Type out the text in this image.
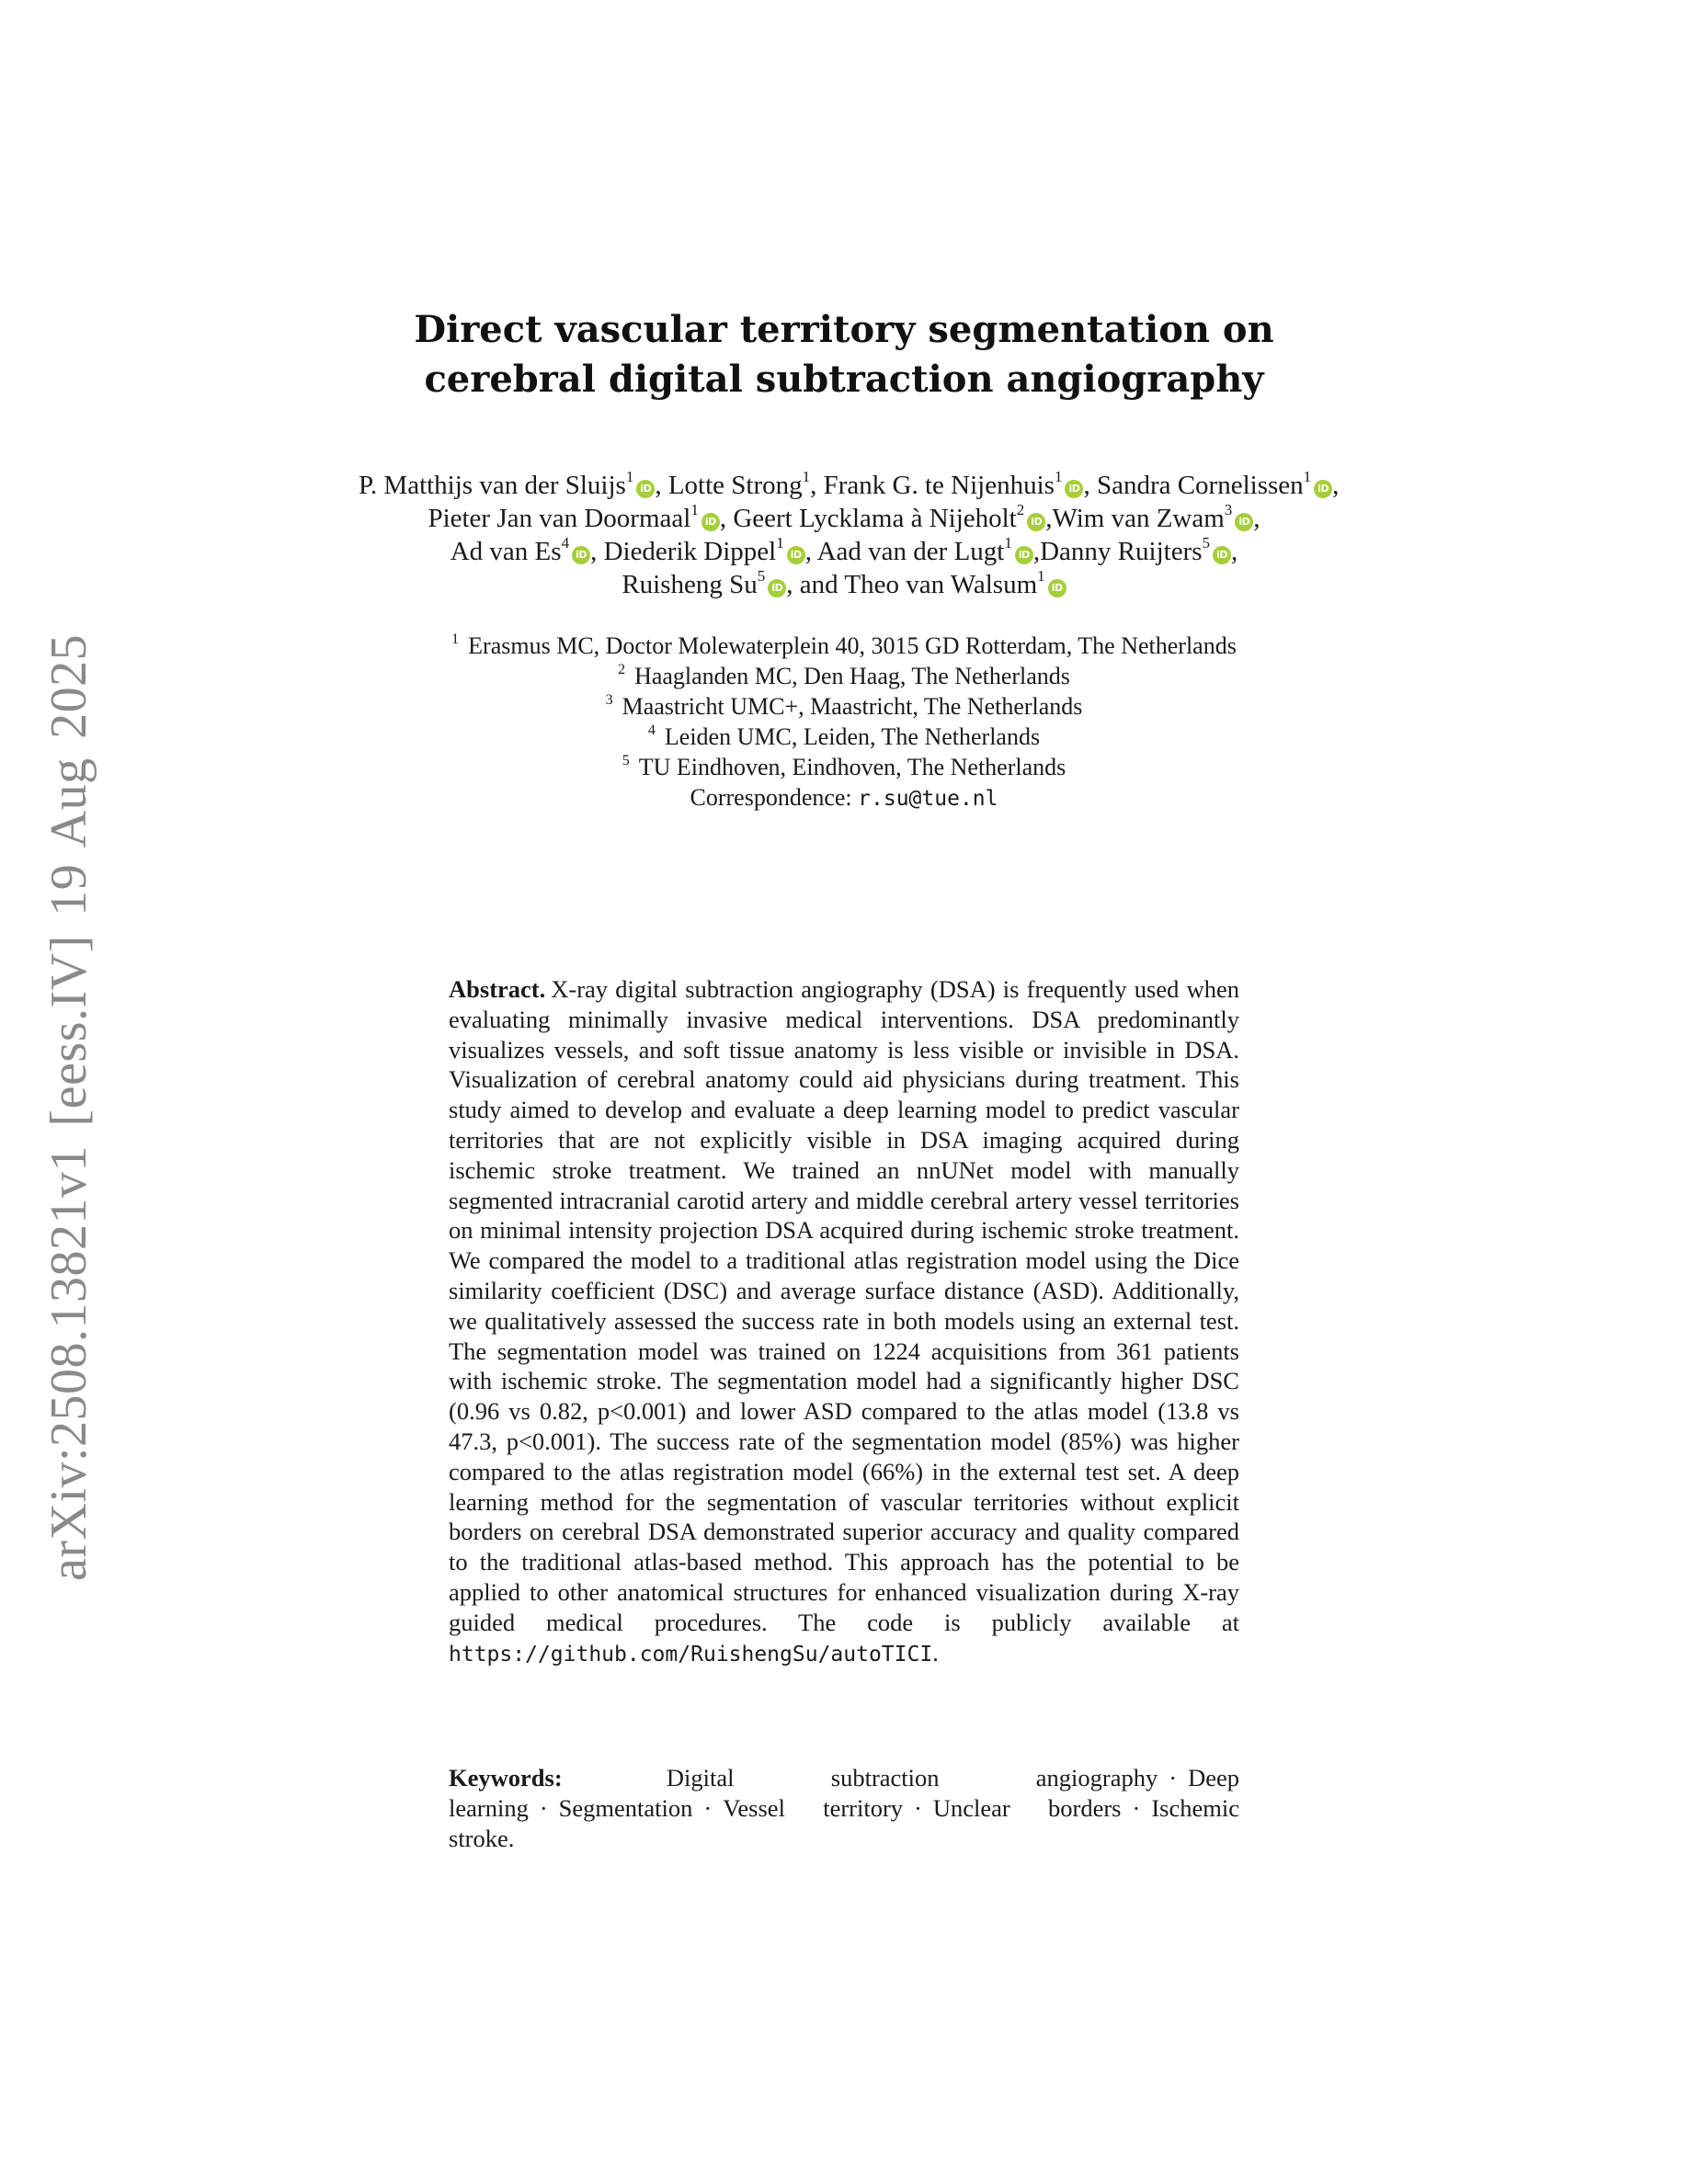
arXiv:2508.13821v1 [eess.IV] 19 Aug 2025
Direct vascular territory segmentation on
cerebral digital subtraction angiography
P. Matthijs van der Sluijs$^1$iD , Lotte Strong$^1$, Frank G. te Nijenhuis$^1$iD , Sandra Cornelissen$^1$iD ,
Pieter Jan van Doormaal$^1$iD , Geert Lycklama à Nijeholt$^2$iD ,Wim van Zwam$^3$iD ,
Ad van Es$^4$iD , Diederik Dippel$^1$iD , Aad van der Lugt$^1$iD ,Danny Ruijters$^5$iD ,
Ruisheng Su$^5$iD , and Theo van Walsum$^1$iD
$^1$ Erasmus MC, Doctor Molewaterplein 40, 3015 GD Rotterdam, The Netherlands
$^2$ Haaglanden MC, Den Haag, The Netherlands
$^3$ Maastricht UMC+, Maastricht, The Netherlands
$^4$ Leiden UMC, Leiden, The Netherlands
$^5$ TU Eindhoven, Eindhoven, The Netherlands
Correspondence: r.su@tue.nl
Abstract. X-ray digital subtraction angiography (DSA) is frequently used when evaluating minimally invasive medical interventions. DSA predominantly visualizes vessels, and soft tissue anatomy is less visible or invisible in DSA. Visualization of cerebral anatomy could aid physicians during treatment. This study aimed to develop and evaluate a deep learning model to predict vascular territories that are not explicitly visible in DSA imaging acquired during ischemic stroke treatment. We trained an nnUNet model with manually segmented intracranial carotid artery and middle cerebral artery vessel territories on minimal intensity projection DSA acquired during ischemic stroke treatment. We compared the model to a traditional atlas registration model using the Dice similarity coefficient (DSC) and average surface distance (ASD). Additionally, we qualitatively assessed the success rate in both models using an external test. The segmentation model was trained on 1224 acquisitions from 361 patients with ischemic stroke. The segmentation model had a significantly higher DSC (0.96 vs 0.82, p<0.001) and lower ASD compared to the atlas model (13.8 vs 47.3, p<0.001). The success rate of the segmentation model (85%) was higher compared to the atlas registration model (66%) in the external test set. A deep learning method for the segmentation of vascular territories without explicit borders on cerebral DSA demonstrated superior accuracy and quality compared to the traditional atlas-based method. This approach has the potential to be applied to other anatomical structures for enhanced visualization during X-ray guided medical procedures. The code is publicly available at https://github.com/RuishengSu/autoTICI.
Keywords:	Digital subtraction angiography · Deep learning · Segmentation · Vessel territory · Unclear borders · Ischemic stroke.
